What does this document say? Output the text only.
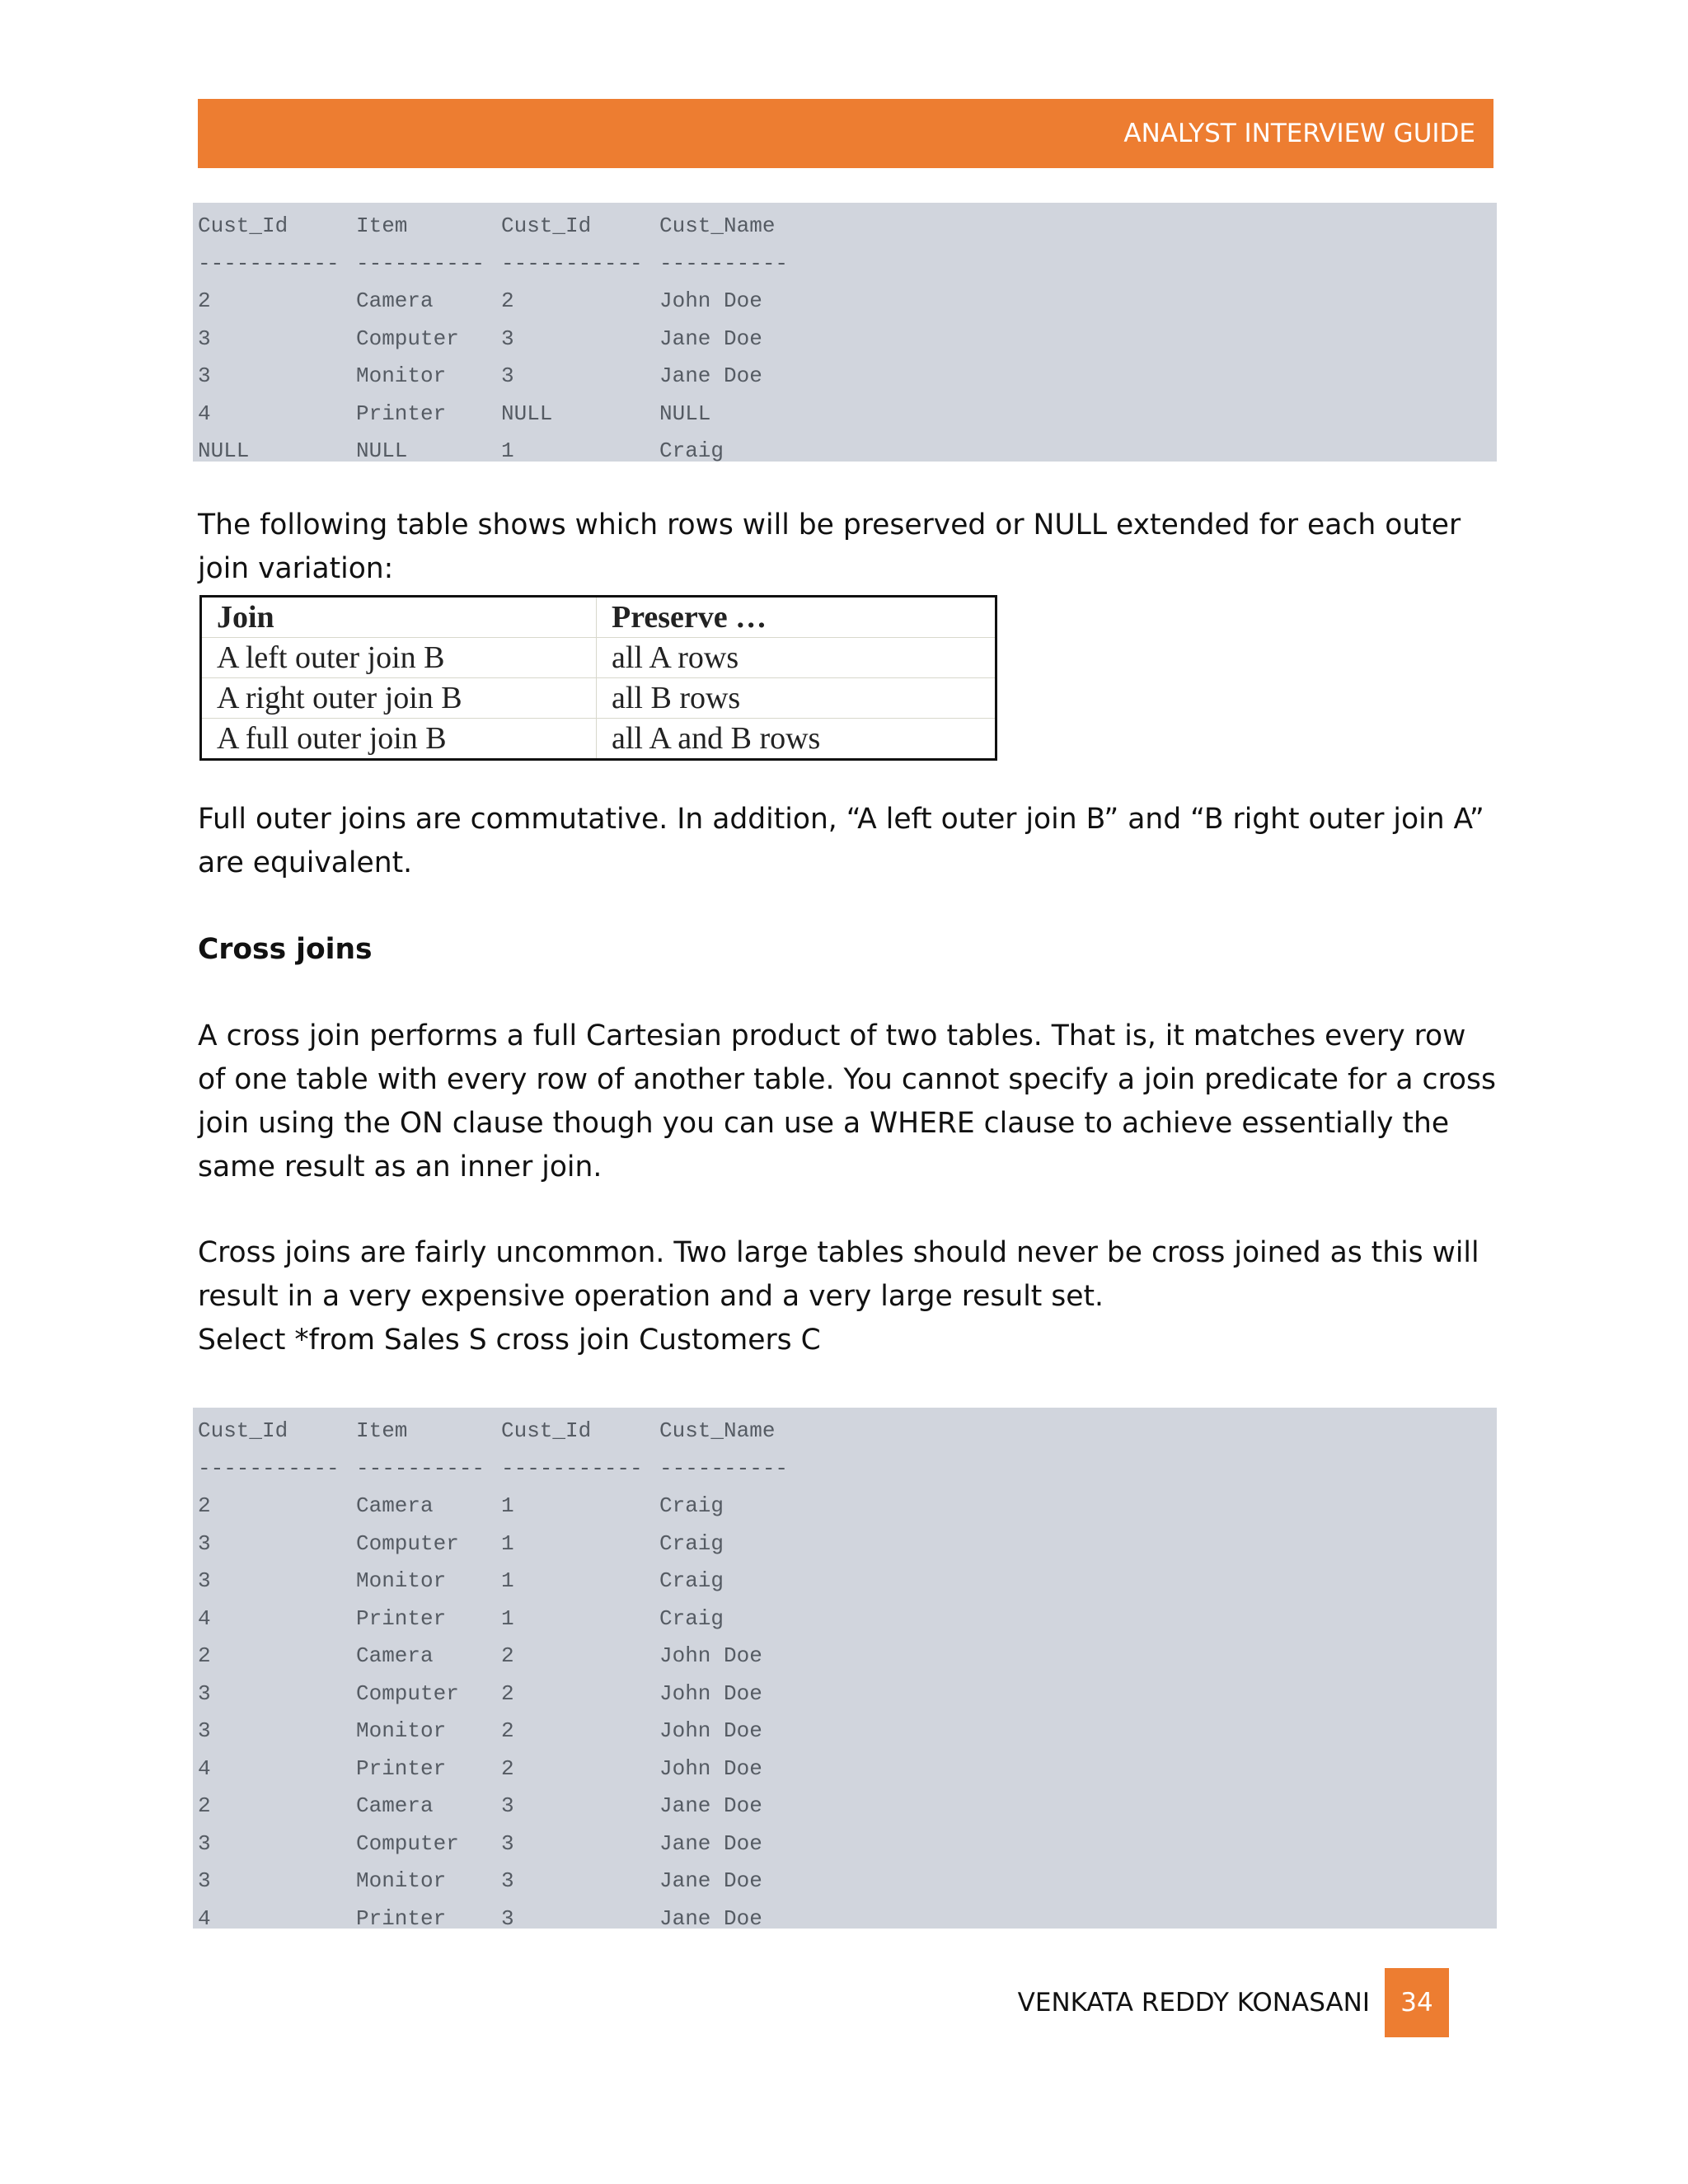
ANALYST INTERVIEW GUIDE
Cust_Id	Item	Cust_Id	Cust_Name
----------- ---------- ----------- ----------
2	Camera	2	John Doe
3	Computer 3	Jane Doe
3	Monitor	3	Jane Doe
4	Printer	NULL	NULL
NULL	NULL	1	Craig

The following table shows which rows will be preserved or NULL extended for each outer join variation:

Join	Preserve …
A left outer join B	all A rows
A right outer join B	all B rows
A full outer join B	all A and B rows

Full outer joins are commutative. In addition, “A left outer join B” and “B right outer join A” are equivalent.

Cross joins

A cross join performs a full Cartesian product of two tables. That is, it matches every row of one table with every row of another table. You cannot specify a join predicate for a cross join using the ON clause though you can use a WHERE clause to achieve essentially the same result as an inner join.

Cross joins are fairly uncommon. Two large tables should never be cross joined as this will result in a very expensive operation and a very large result set.

Select *from Sales S cross join Customers C

Cust_Id	Item	Cust_Id	Cust_Name
----------- ---------- ----------- ----------
2	Camera	1	Craig
3	Computer 1	Craig
3	Monitor	1	Craig
4	Printer	1	Craig
2	Camera	2	John Doe
3	Computer 2	John Doe
3	Monitor	2	John Doe
4	Printer	2	John Doe
2	Camera	3	Jane Doe
3	Computer 3	Jane Doe
3	Monitor	3	Jane Doe
4	Printer	3	Jane Doe
VENKATA REDDY KONASANI	34
